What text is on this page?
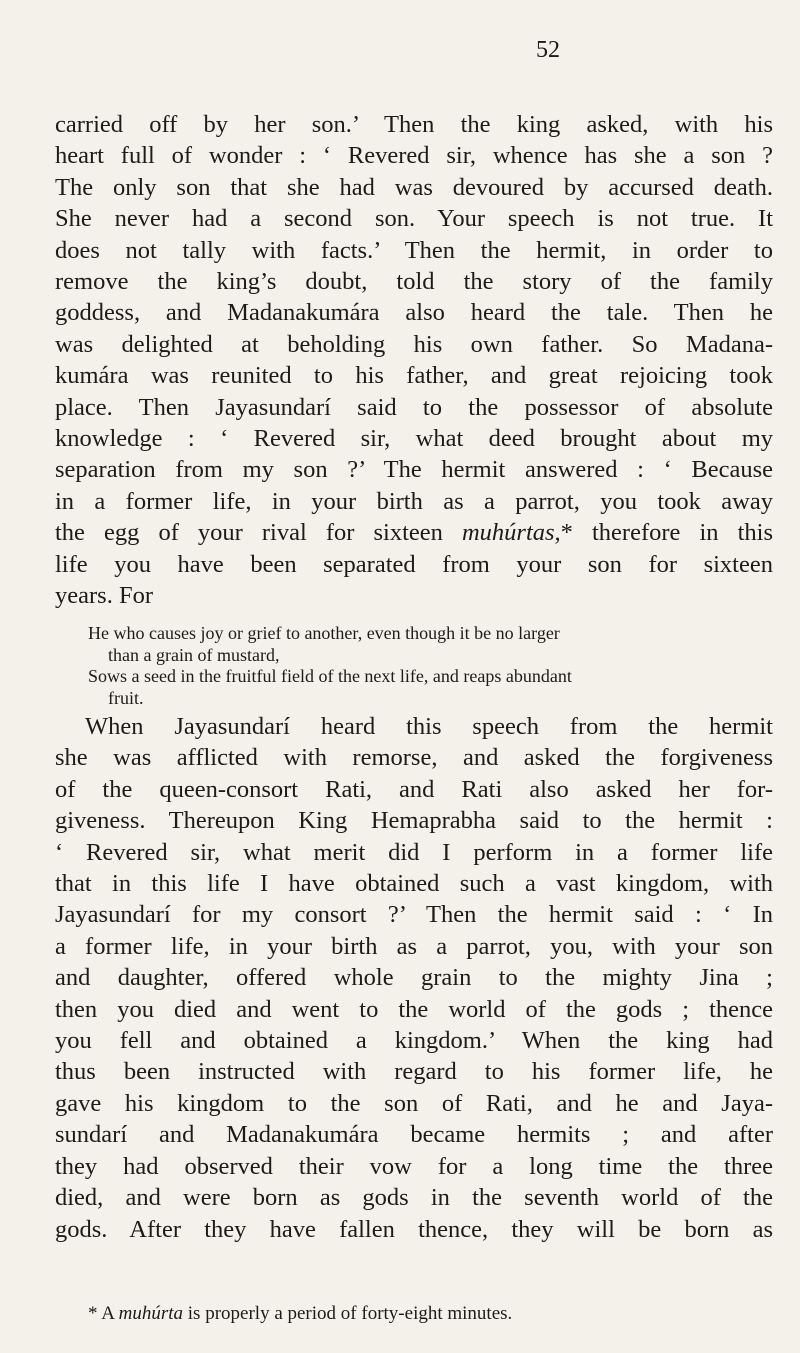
52

carried off by her son.’ Then the king asked, with his
heart full of wonder : ‘ Revered sir, whence has she a son ?
The only son that she had was devoured by accursed death.
She never had a second son. Your speech is not true. It
does not tally with facts.’ Then the hermit, in order to
remove the king’s doubt, told the story of the family
goddess, and Madanakumára also heard the tale. Then he
was delighted at beholding his own father. So Madana-
kumára was reunited to his father, and great rejoicing took
place. Then Jayasundarí said to the possessor of absolute
knowledge : ‘ Revered sir, what deed brought about my
separation from my son ?’ The hermit answered : ‘ Because
in a former life, in your birth as a parrot, you took away
the egg of your rival for sixteen muhúrtas,* therefore in this
life you have been separated from your son for sixteen
years. For

He who causes joy or grief to another, even though it be no larger
than a grain of mustard,
Sows a seed in the fruitful field of the next life, and reaps abundant
fruit.

When Jayasundarí heard this speech from the hermit
she was afflicted with remorse, and asked the forgiveness
of the queen-consort Rati, and Rati also asked her for-
giveness. Thereupon King Hemaprabha said to the hermit :
‘ Revered sir, what merit did I perform in a former life
that in this life I have obtained such a vast kingdom, with
Jayasundarí for my consort ?’ Then the hermit said : ‘ In
a former life, in your birth as a parrot, you, with your son
and daughter, offered whole grain to the mighty Jina ;
then you died and went to the world of the gods ; thence
you fell and obtained a kingdom.’ When the king had
thus been instructed with regard to his former life, he
gave his kingdom to the son of Rati, and he and Jaya-
sundarí and Madanakumára became hermits ; and after
they had observed their vow for a long time the three
died, and were born as gods in the seventh world of the
gods. After they have fallen thence, they will be born as

* A muhúrta is properly a period of forty-eight minutes.
